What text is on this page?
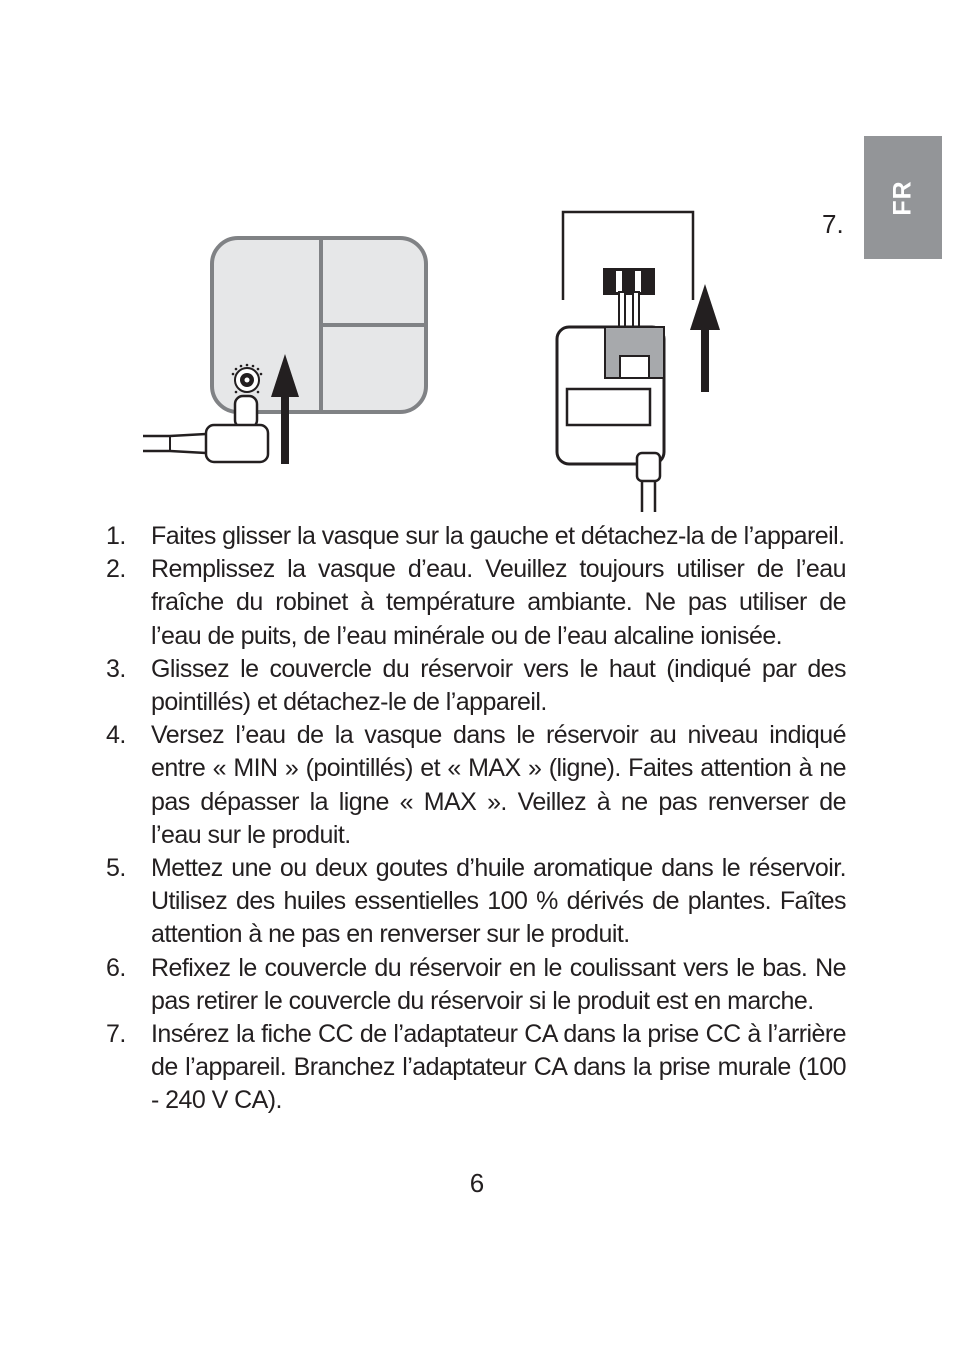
FR
7.
1. Faites glisser la vasque sur la gauche et détachez-la de l’appareil.
2. Remplissez la vasque d’eau. Veuillez toujours utiliser de l’eau fraîche du robinet à température ambiante. Ne pas utiliser de l’eau de puits, de l’eau minérale ou de l’eau alcaline ionisée.
3. Glissez le couvercle du réservoir vers le haut (indiqué par des pointillés) et détachez-le de l’appareil.
4. Versez l’eau de la vasque dans le réservoir au niveau indiqué entre « MIN » (pointillés) et « MAX » (ligne). Faites attention à ne pas dépasser la ligne « MAX ». Veillez à ne pas renverser de l’eau sur le produit.
5. Mettez une ou deux goutes d’huile aromatique dans le réservoir. Utilisez des huiles essentielles 100 % dérivés de plantes. Faîtes attention à ne pas en renverser sur le produit.
6. Refixez le couvercle du réservoir en le coulissant vers le bas. Ne pas retirer le couvercle du réservoir si le produit est en marche.
7. Insérez la fiche CC de l’adaptateur CA dans la prise CC à l’arrière de l’appareil. Branchez l’adaptateur CA dans la prise murale (100 - 240 V CA).
6
